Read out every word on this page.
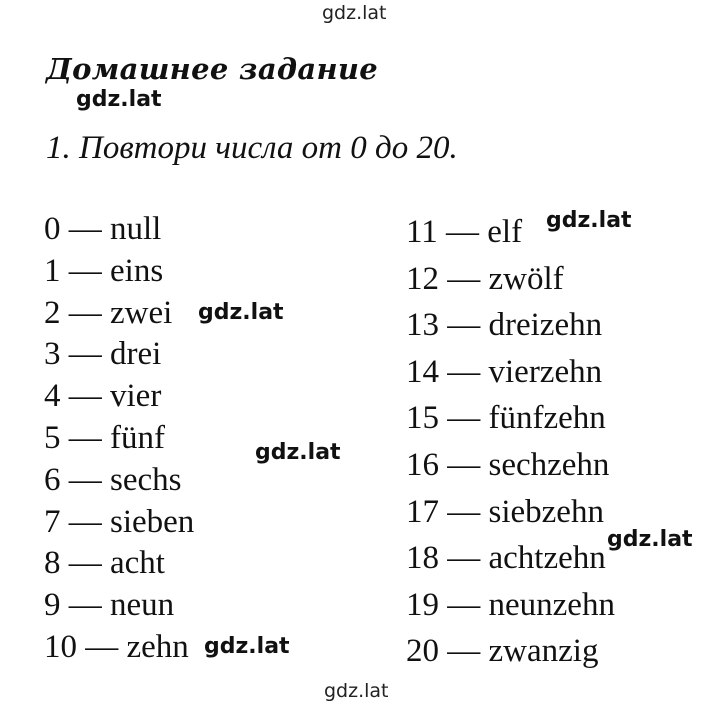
gdz.lat
Домашнее задание
gdz.lat
1. Повтори числа от 0 до 20.
0 — null
1 — eins
2 — zwei
3 — drei
4 — vier
5 — fünf
6 — sechs
7 — sieben
8 — acht
9 — neun
10 — zehn
11 — elf
12 — zwölf
13 — dreizehn
14 — vierzehn
15 — fünfzehn
16 — sechzehn
17 — siebzehn
18 — achtzehn
19 — neunzehn
20 — zwanzig
gdz.lat
gdz.lat
gdz.lat
gdz.lat
gdz.lat
gdz.lat
